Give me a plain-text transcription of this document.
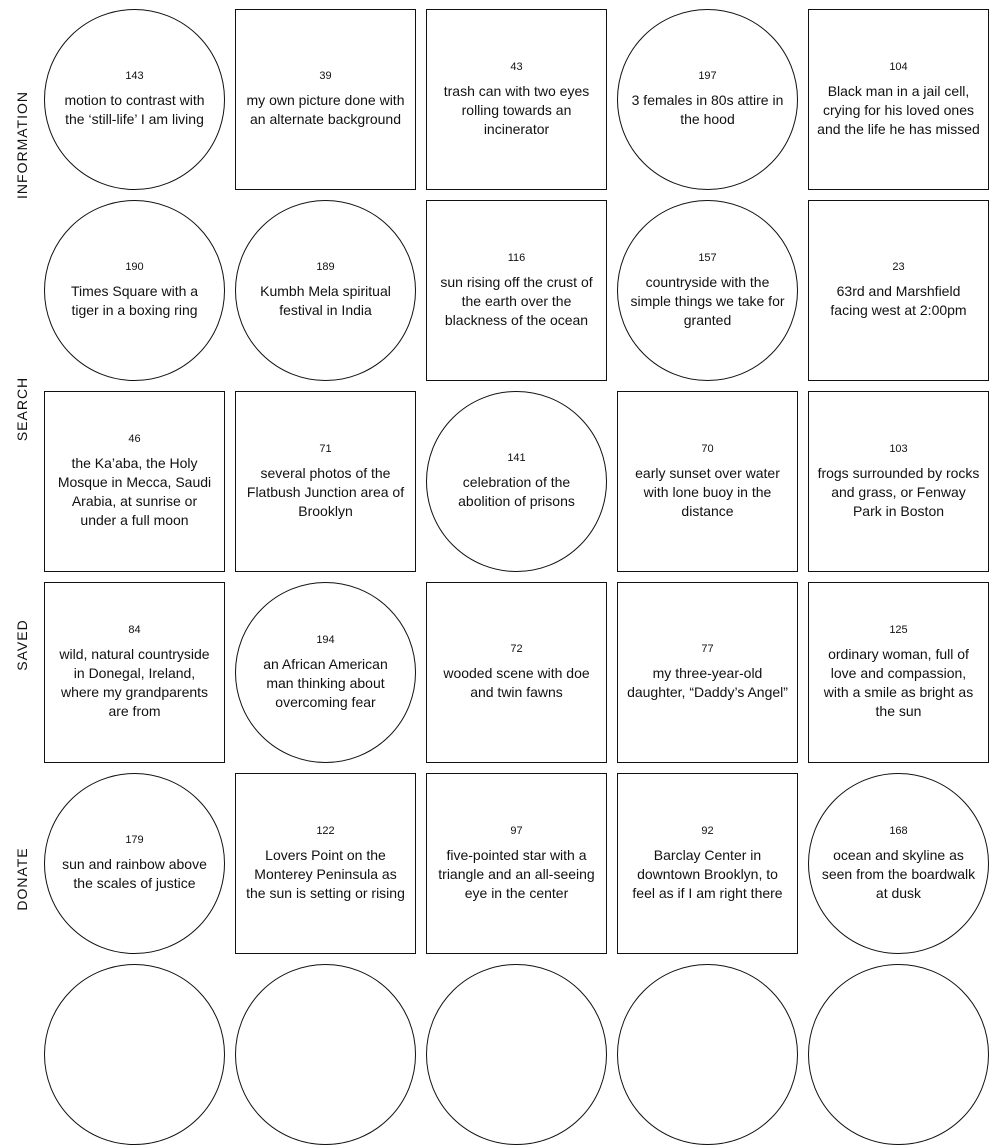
INFORMATION
SEARCH
SAVED
DONATE
143
motion to contrast with the ‘still-life’ I am living
39
my own picture done with an alternate background
43
trash can with two eyes rolling towards an incinerator
197
3 females in 80s attire in the hood
104
Black man in a jail cell, crying for his loved ones and the life he has missed
190
Times Square with a tiger in a boxing ring
189
Kumbh Mela spiritual festival in India
116
sun rising off the crust of the earth over the blackness of the ocean
157
countryside with the simple things we take for granted
23
63rd and Marshfield facing west at 2:00pm
46
the Ka’aba, the Holy Mosque in Mecca, Saudi Arabia, at sunrise or under a full moon
71
several photos of the Flatbush Junction area of Brooklyn
141
celebration of the abolition of prisons
70
early sunset over water with lone buoy in the distance
103
frogs surrounded by rocks and grass, or Fenway Park in Boston
84
wild, natural countryside in Donegal, Ireland, where my grandparents are from
194
an African American man thinking about overcoming fear
72
wooded scene with doe and twin fawns
77
my three-year-old daughter, “Daddy’s Angel”
125
ordinary woman, full of love and compassion, with a smile as bright as the sun
179
sun and rainbow above the scales of justice
122
Lovers Point on the Monterey Peninsula as the sun is setting or rising
97
five-pointed star with a triangle and an all-seeing eye in the center
92
Barclay Center in downtown Brooklyn, to feel as if I am right there
168
ocean and skyline as seen from the boardwalk at dusk
